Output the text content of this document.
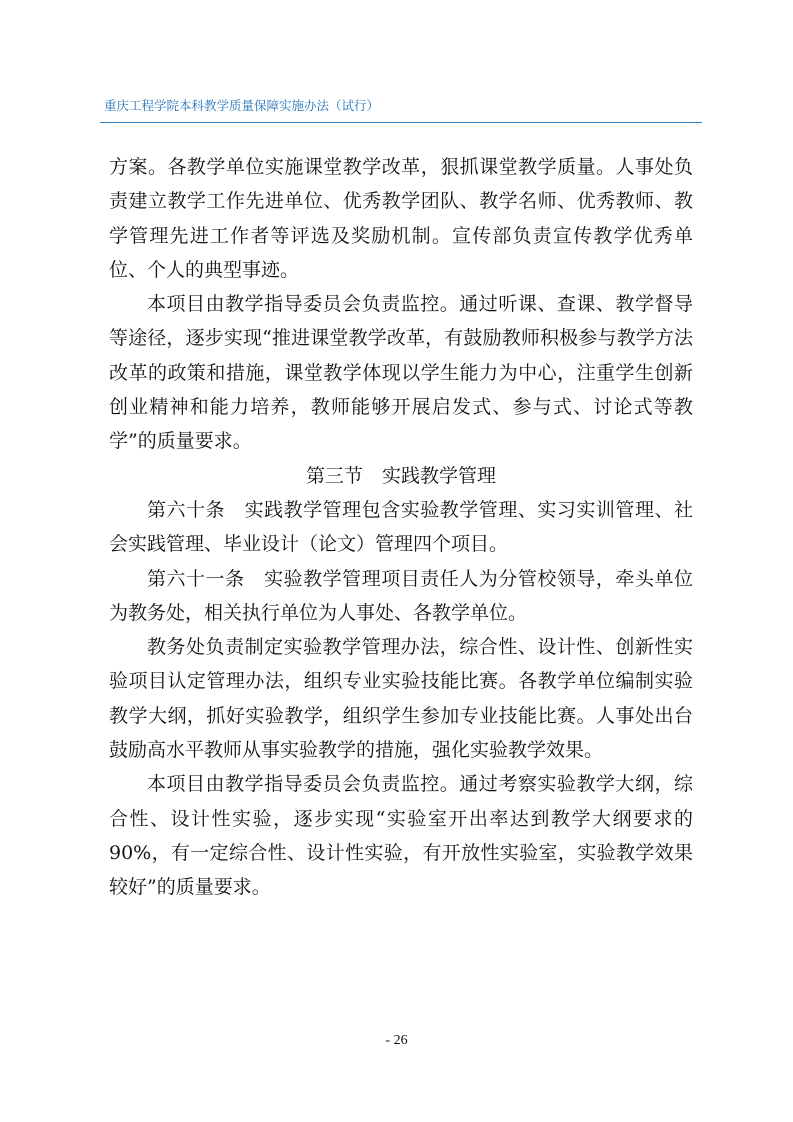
重庆工程学院本科教学质量保障实施办法（试行）

方案。各教学单位实施课堂教学改革，狠抓课堂教学质量。人事处负责建立教学工作先进单位、优秀教学团队、教学名师、优秀教师、教学管理先进工作者等评选及奖励机制。宣传部负责宣传教学优秀单位、个人的典型事迹。

本项目由教学指导委员会负责监控。通过听课、查课、教学督导等途径，逐步实现“推进课堂教学改革，有鼓励教师积极参与教学方法改革的政策和措施，课堂教学体现以学生能力为中心，注重学生创新创业精神和能力培养，教师能够开展启发式、参与式、讨论式等教学”的质量要求。

第三节　实践教学管理

第六十条　实践教学管理包含实验教学管理、实习实训管理、社会实践管理、毕业设计（论文）管理四个项目。

第六十一条　实验教学管理项目责任人为分管校领导，牵头单位为教务处，相关执行单位为人事处、各教学单位。

教务处负责制定实验教学管理办法，综合性、设计性、创新性实验项目认定管理办法，组织专业实验技能比赛。各教学单位编制实验教学大纲，抓好实验教学，组织学生参加专业技能比赛。人事处出台鼓励高水平教师从事实验教学的措施，强化实验教学效果。

本项目由教学指导委员会负责监控。通过考察实验教学大纲，综合性、设计性实验，逐步实现“实验室开出率达到教学大纲要求的90%，有一定综合性、设计性实验，有开放性实验室，实验教学效果较好”的质量要求。

- 26
